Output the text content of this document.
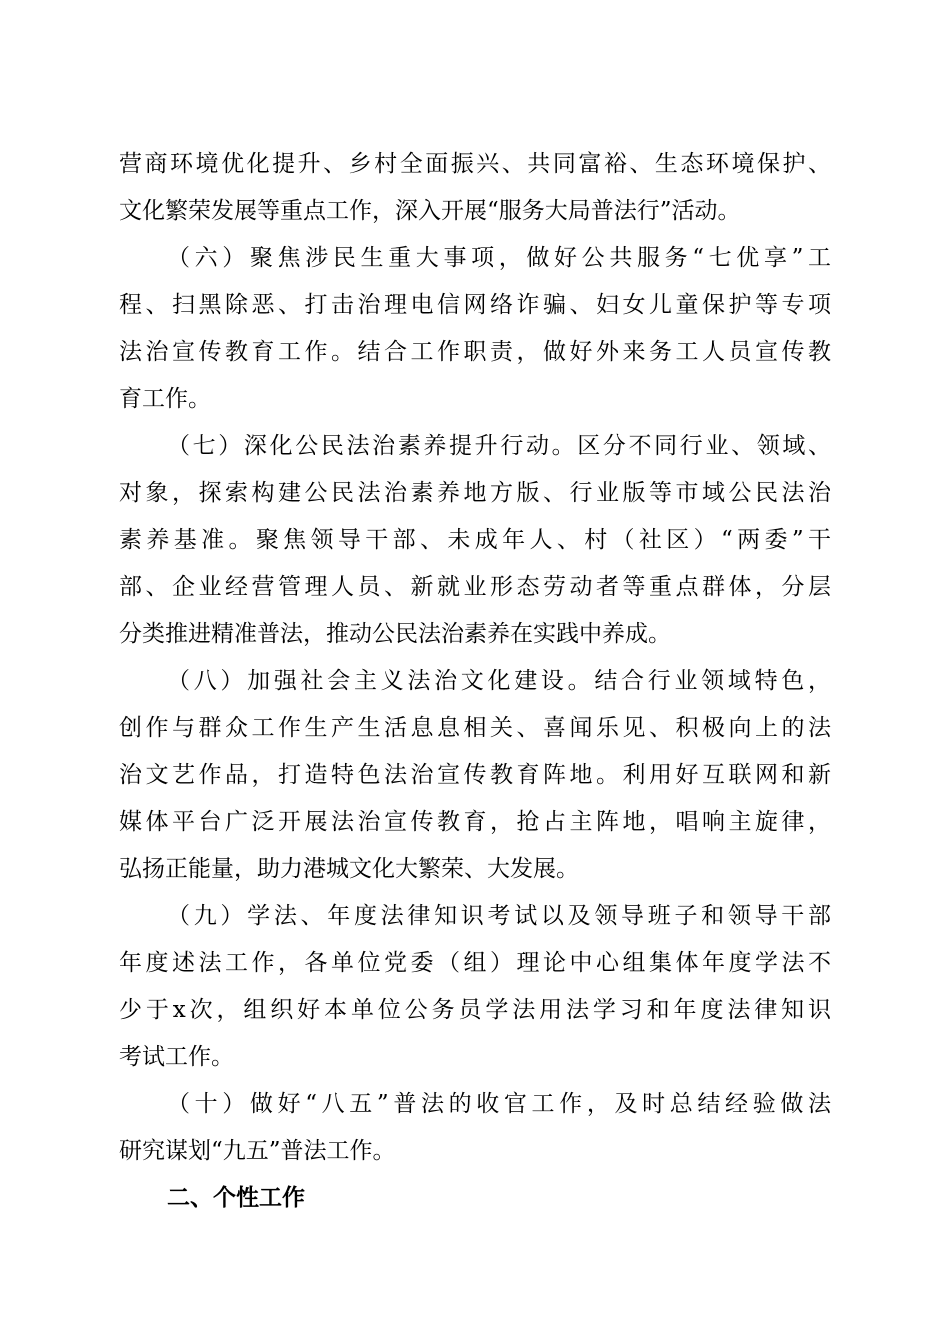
营商环境优化提升、乡村全面振兴、共同富裕、生态环境保护、
文化繁荣发展等重点工作，深入开展“服务大局普法行”活动。
（六）聚焦涉民生重大事项，做好公共服务“七优享”工
程、扫黑除恶、打击治理电信网络诈骗、妇女儿童保护等专项
法治宣传教育工作。结合工作职责，做好外来务工人员宣传教
育工作。
（七）深化公民法治素养提升行动。区分不同行业、领域、
对象，探索构建公民法治素养地方版、行业版等市域公民法治
素养基准。聚焦领导干部、未成年人、村（社区）“两委”干
部、企业经营管理人员、新就业形态劳动者等重点群体，分层
分类推进精准普法，推动公民法治素养在实践中养成。
（八）加强社会主义法治文化建设。结合行业领域特色，
创作与群众工作生产生活息息相关、喜闻乐见、积极向上的法
治文艺作品，打造特色法治宣传教育阵地。利用好互联网和新
媒体平台广泛开展法治宣传教育，抢占主阵地，唱响主旋律，
弘扬正能量，助力港城文化大繁荣、大发展。
（九）学法、年度法律知识考试以及领导班子和领导干部
年度述法工作，各单位党委（组）理论中心组集体年度学法不
少于x次，组织好本单位公务员学法用法学习和年度法律知识
考试工作。
（十）做好“八五”普法的收官工作，及时总结经验做法
研究谋划“九五”普法工作。
二、个性工作
